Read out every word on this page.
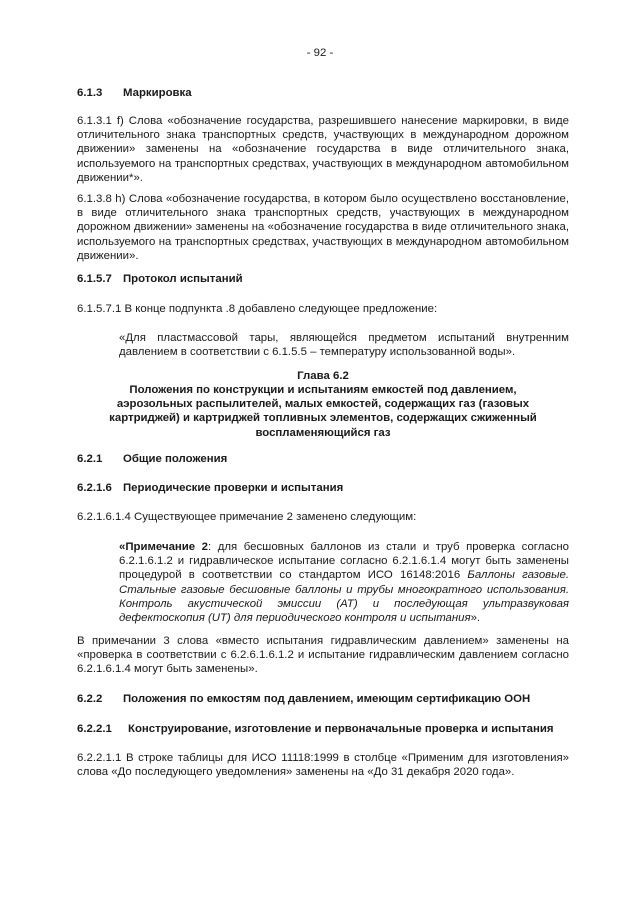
- 92 -
6.1.3 Маркировка
6.1.3.1 f) Слова «обозначение государства, разрешившего нанесение маркировки, в виде отличительного знака транспортных средств, участвующих в международном дорожном движении» заменены на «обозначение государства в виде отличительного знака, используемого на транспортных средствах, участвующих в международном автомобильном движении*».
6.1.3.8 h) Слова «обозначение государства, в котором было осуществлено восстановление, в виде отличительного знака транспортных средств, участвующих в международном дорожном движении» заменены на «обозначение государства в виде отличительного знака, используемого на транспортных средствах, участвующих в международном автомобильном движении».
6.1.5.7 Протокол испытаний
6.1.5.7.1 В конце подпункта .8 добавлено следующее предложение:
«Для пластмассовой тары, являющейся предметом испытаний внутренним давлением в соответствии с 6.1.5.5 – температуру использованной воды».
Глава 6.2
Положения по конструкции и испытаниям емкостей под давлением, аэрозольных распылителей, малых емкостей, содержащих газ (газовых картриджей) и картриджей топливных элементов, содержащих сжиженный воспламеняющийся газ
6.2.1 Общие положения
6.2.1.6 Периодические проверки и испытания
6.2.1.6.1.4 Существующее примечание 2 заменено следующим:
«Примечание 2: для бесшовных баллонов из стали и труб проверка согласно 6.2.1.6.1.2 и гидравлическое испытание согласно 6.2.1.6.1.4 могут быть заменены процедурой в соответствии со стандартом ИСО 16148:2016 Баллоны газовые. Стальные газовые бесшовные баллоны и трубы многократного использования. Контроль акустической эмиссии (AT) и последующая ультразвуковая дефектоскопия (UT) для периодического контроля и испытания».
В примечании 3 слова «вместо испытания гидравлическим давлением» заменены на «проверка в соответствии с 6.2.6.1.6.1.2 и испытание гидравлическим давлением согласно 6.2.1.6.1.4 могут быть заменены».
6.2.2 Положения по емкостям под давлением, имеющим сертификацию ООН
6.2.2.1 Конструирование, изготовление и первоначальные проверка и испытания
6.2.2.1.1 В строке таблицы для ИСО 11118:1999 в столбце «Применим для изготовления» слова «До последующего уведомления» заменены на «До 31 декабря 2020 года».
